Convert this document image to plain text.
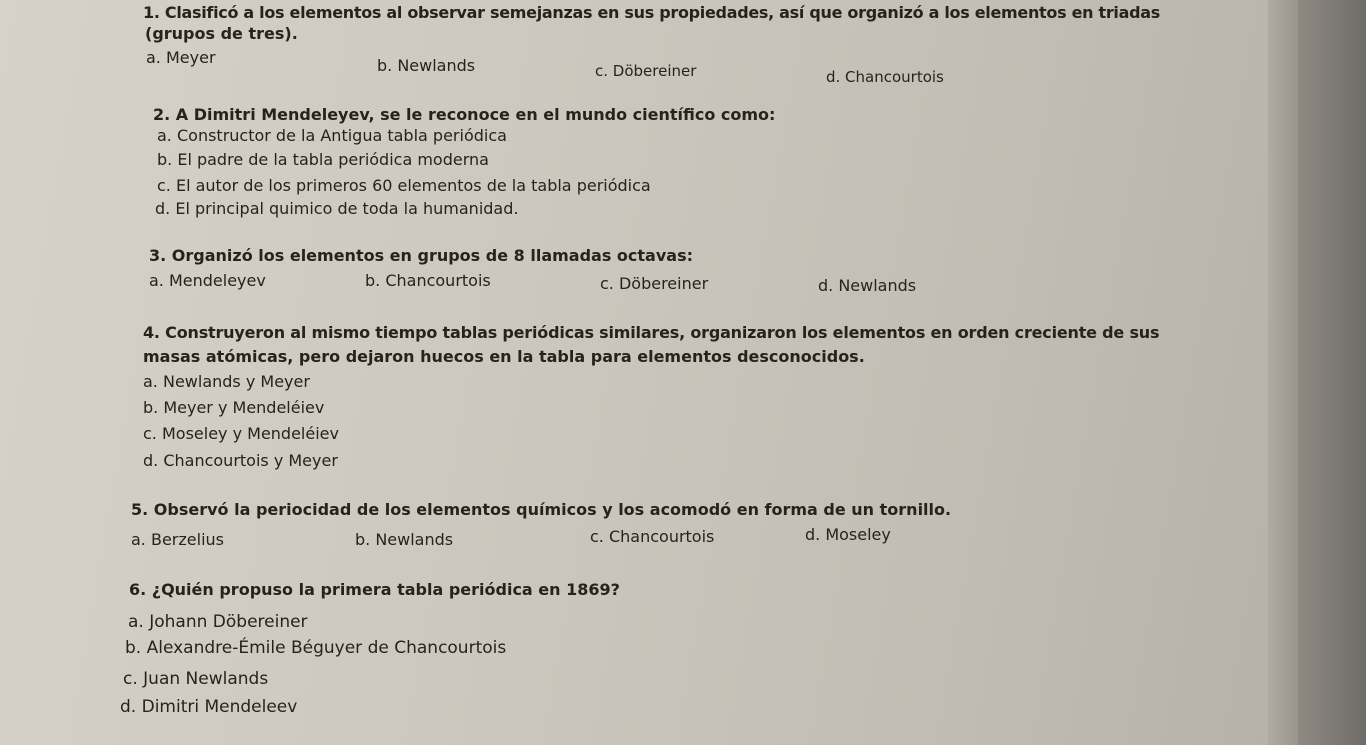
1. Clasificó a los elementos al observar semejanzas en sus propiedades, así que organizó a los elementos en triadas
(grupos de tres).
a. Meyer	b. Newlands	c. Döbereiner	d. Chancourtois
2. A Dimitri Mendeleyev, se le reconoce en el mundo científico como:
a. Constructor de la Antigua tabla periódica
b. El padre de la tabla periódica moderna
c. El autor de los primeros 60 elementos de la tabla periódica
d. El principal quimico de toda la humanidad.
3. Organizó los elementos en grupos de 8 llamadas octavas:
a. Mendeleyev	b. Chancourtois	c. Döbereiner	d. Newlands
4. Construyeron al mismo tiempo tablas periódicas similares, organizaron los elementos en orden creciente de sus
masas atómicas, pero dejaron huecos en la tabla para elementos desconocidos.
a. Newlands y Meyer
b. Meyer y Mendeléiev
c. Moseley y Mendeléiev
d. Chancourtois y Meyer
5. Observó la periocidad de los elementos químicos y los acomodó en forma de un tornillo.
a. Berzelius	b. Newlands	c. Chancourtois	d. Moseley
6. ¿Quién propuso la primera tabla periódica en 1869?
a. Johann Döbereiner
b. Alexandre-Émile Béguyer de Chancourtois
c. Juan Newlands
d. Dimitri Mendeleev
